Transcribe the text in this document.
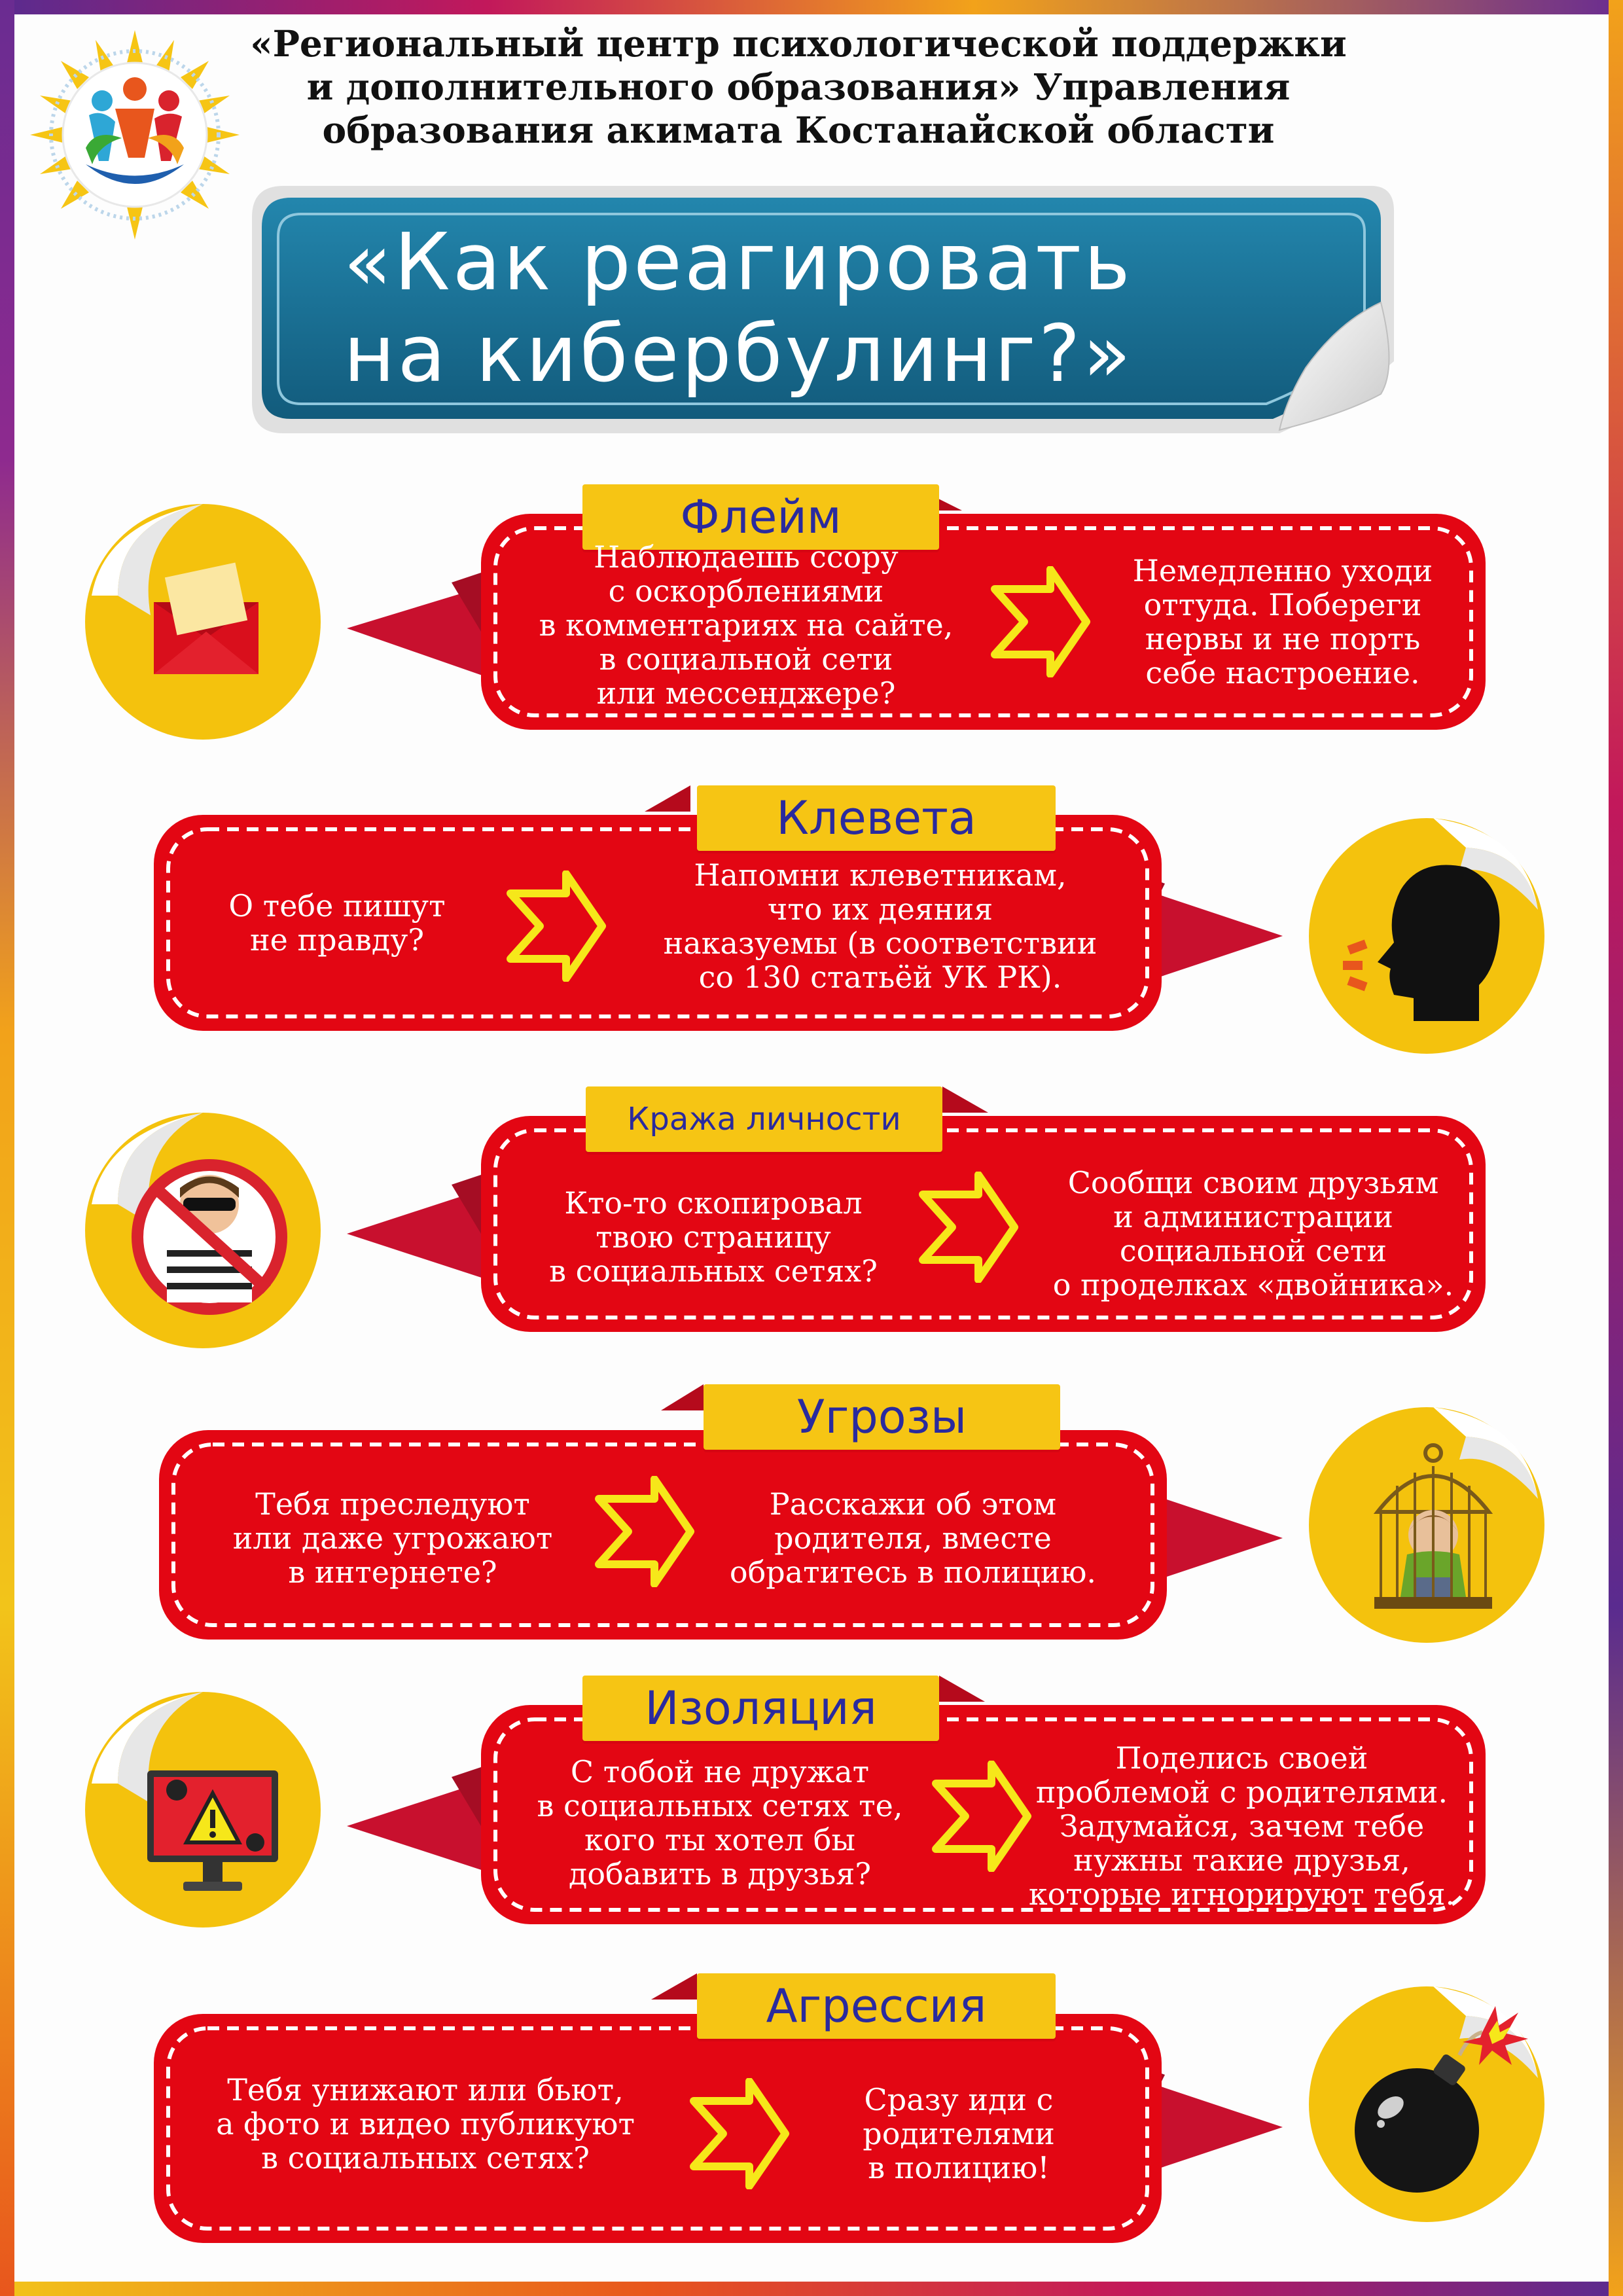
«Региональный центр психологической поддержки
и дополнительного образования» Управления
образования акимата Костанайской области
«Как реагировать
на кибербулинг?»
Флейм

Наблюдаешь ссору
с оскорблениями
в комментариях на сайте,
в социальной сети
или мессенджере?

Немедленно уходи
оттуда. Побереги
нервы и не порть
себе настроение.

Клевета

О тебе пишут
не правду?

Напомни клеветникам,
что их деяния
наказуемы (в соответствии
со 130 статьёй УК РК).

Кража личности

Кто-то скопировал
твою страницу
в социальных сетях?

Сообщи своим друзьям
и администрации
социальной сети
о проделках «двойника».

Угрозы

Тебя преследуют
или даже угрожают
в интернете?

Расскажи об этом
родителя, вместе
обратитесь в полицию.

Изоляция

С тобой не дружат
в социальных сетях те,
кого ты хотел бы
добавить в друзья?

Поделись своей
проблемой с родителями.
Задумайся, зачем тебе
нужны такие друзья,
которые игнорируют тебя.

Агрессия

Тебя унижают или бьют,
а фото и видео публикуют
в социальных сетях?

Сразу иди с
родителями
в полицию!
